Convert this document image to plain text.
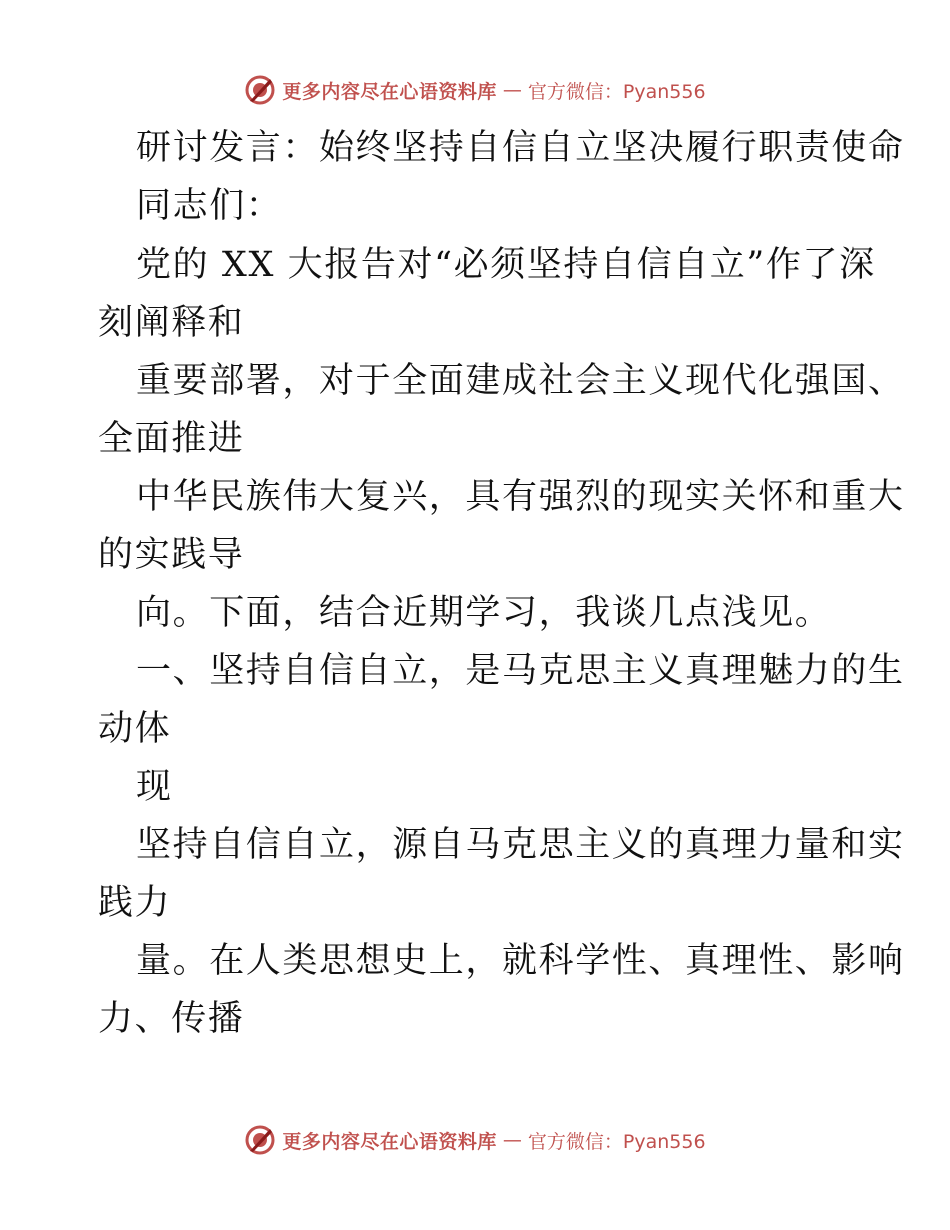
更多内容尽在心语资料库 — 官方微信：Pyan556
研讨发言：始终坚持自信自立坚决履行职责使命
同志们：
党的 XX 大报告对“必须坚持自信自立”作了深
刻阐释和
重要部署，对于全面建成社会主义现代化强国、
全面推进
中华民族伟大复兴，具有强烈的现实关怀和重大
的实践导
向。下面，结合近期学习，我谈几点浅见。
一、坚持自信自立，是马克思主义真理魅力的生
动体
现
坚持自信自立，源自马克思主义的真理力量和实
践力
量。在人类思想史上，就科学性、真理性、影响
力、传播
更多内容尽在心语资料库 — 官方微信：Pyan556
